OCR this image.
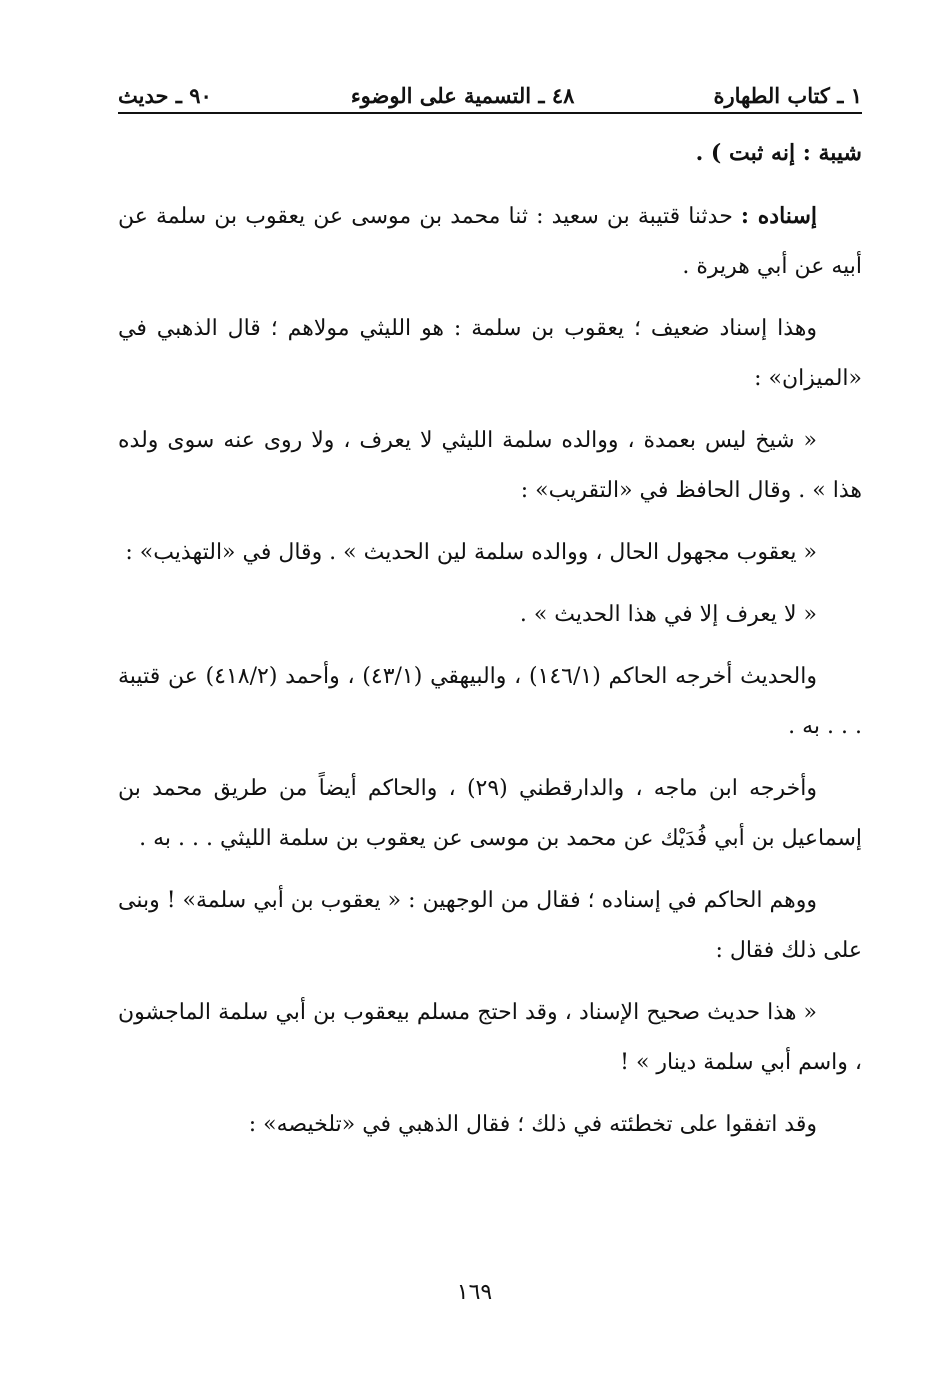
١ ـ كتاب الطهارة
٤٨ ـ التسمية على الوضوء
٩٠ ـ حديث

شيبة : إنه ثبت ) .

إسناده : حدثنا قتيبة بن سعيد : ثنا محمد بن موسى عن يعقوب بن سلمة عن أبيه عن أبي هريرة .

وهذا إسناد ضعيف ؛ يعقوب بن سلمة : هو الليثي مولاهم ؛ قال الذهبي في «الميزان» :

« شيخ ليس بعمدة ، ووالده سلمة الليثي لا يعرف ، ولا روى عنه سوى ولده هذا » . وقال الحافظ في «التقريب» :

« يعقوب مجهول الحال ، ووالده سلمة لين الحديث » . وقال في «التهذيب» :

« لا يعرف إلا في هذا الحديث » .

والحديث أخرجه الحاكم (١٤٦/١) ، والبيهقي (٤٣/١) ، وأحمد (٤١٨/٢) عن قتيبة . . . به .

وأخرجه ابن ماجه ، والدارقطني (٢٩) ، والحاكم أيضاً من طريق محمد بن إسماعيل بن أبي فُدَيْك عن محمد بن موسى عن يعقوب بن سلمة الليثي . . . به .

ووهم الحاكم في إسناده ؛ فقال من الوجهين : « يعقوب بن أبي سلمة» ! وبنى على ذلك فقال :

« هذا حديث صحيح الإسناد ، وقد احتج مسلم بيعقوب بن أبي سلمة الماجشون ، واسم أبي سلمة دينار » !

وقد اتفقوا على تخطئته في ذلك ؛ فقال الذهبي في «تلخيصه» :

١٦٩
